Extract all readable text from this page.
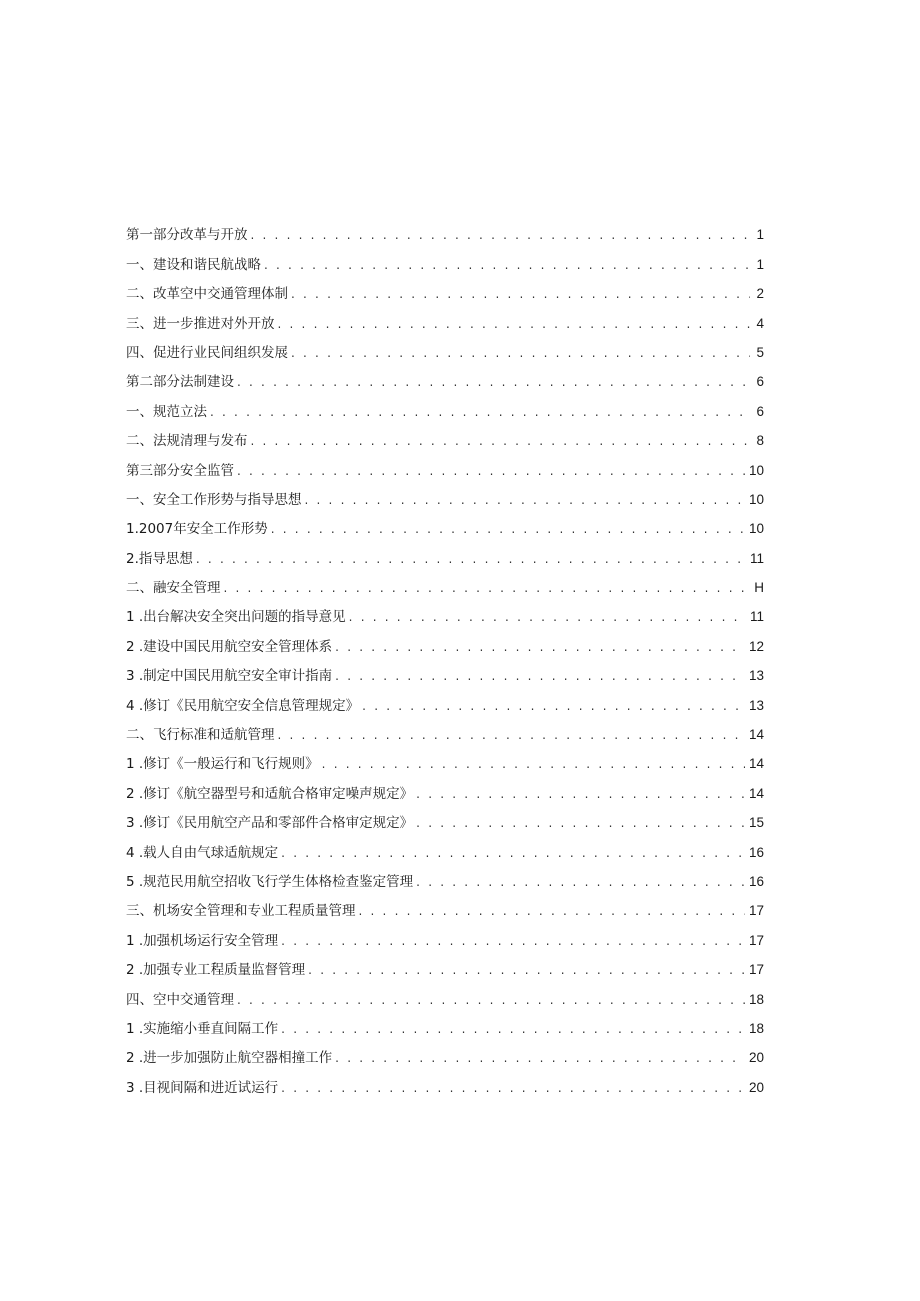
第一部分改革与开放 . . .	1
一、建设和谐民航战略 . . .	1
二、改革空中交通管理体制 . . .	2
三、进一步推进对外开放 . . .	4
四、促进行业民间组织发展 . . .	5
第二部分法制建设 . . .	6
一、规范立法 . . .	6
二、法规清理与发布 . . .	8
第三部分安全监管 . . .	10
一、安全工作形势与指导思想 . . .	10
1.2007年安全工作形势 . . .	10
2.指导思想 . . .	11
二、融安全管理 . . .	H
1 .出台解决安全突出问题的指导意见 . . .	11
2 .建设中国民用航空安全管理体系 . . .	12
3 .制定中国民用航空安全审计指南 . . .	13
4 .修订《民用航空安全信息管理规定》 . . .	13
二、飞行标准和适航管理 . . .	14
1 .修订《一般运行和飞行规则》 . . .	14
2 .修订《航空器型号和适航合格审定噪声规定》 . . .	14
3 .修订《民用航空产品和零部件合格审定规定》 . . .	15
4 .载人自由气球适航规定 . . .	16
5 .规范民用航空招收飞行学生体格检查鉴定管理 . . .	16
三、机场安全管理和专业工程质量管理 . . .	17
1 .加强机场运行安全管理 . . .	17
2 .加强专业工程质量监督管理 . . .	17
四、空中交通管理 . . .	18
1 .实施缩小垂直间隔工作 . . .	18
2 .进一步加强防止航空器相撞工作 . . .	20
3 .目视间隔和进近试运行 . . .	20
